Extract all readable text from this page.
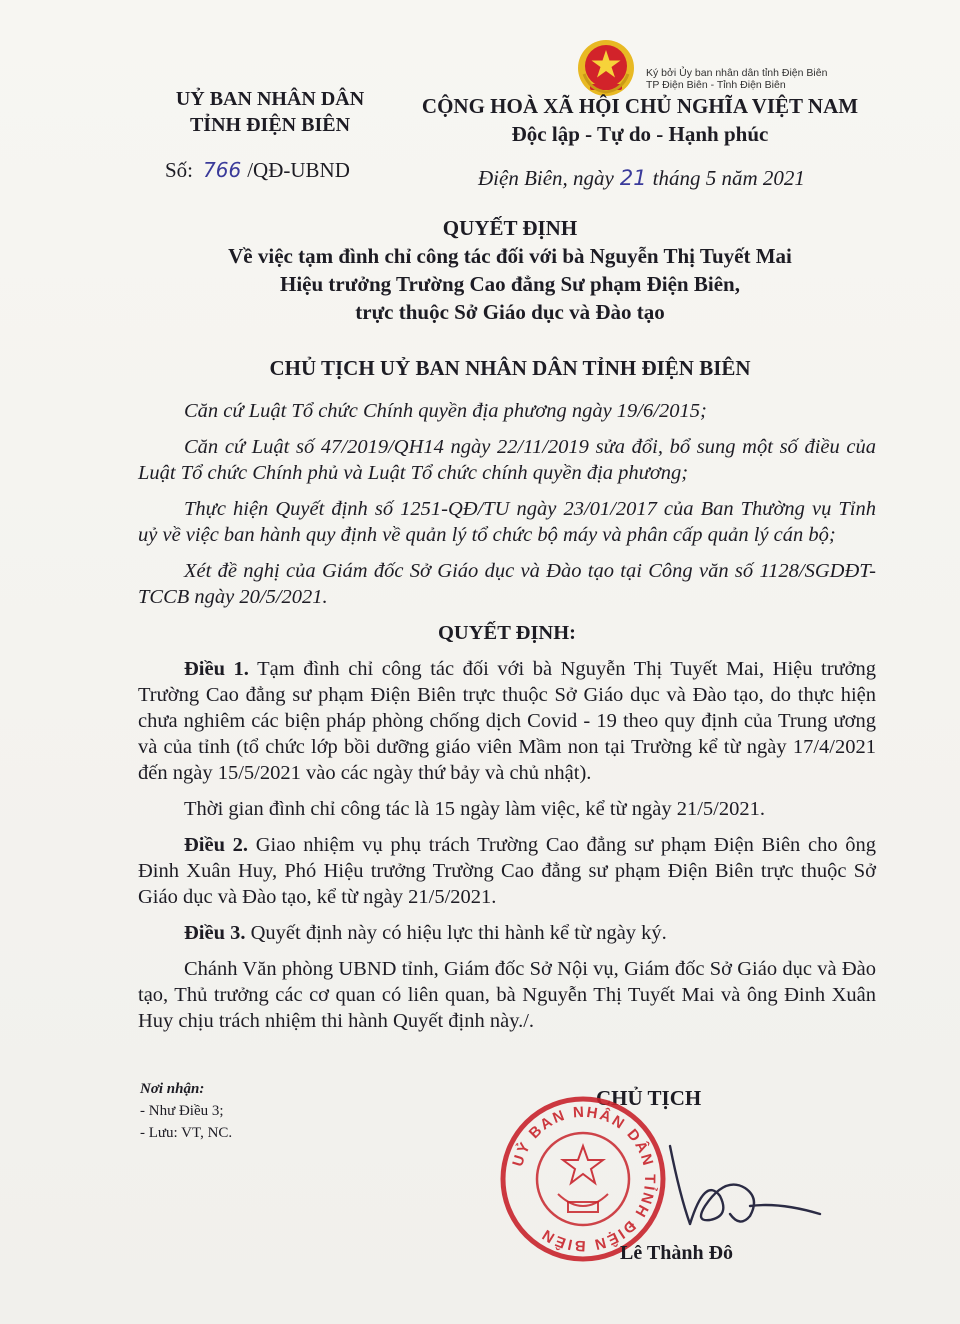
UỶ BAN NHÂN DÂN
TỈNH ĐIỆN BIÊN
Ký bởi Ủy ban nhân dân tỉnh Điện Biên
TP Điện Biên - Tỉnh Điện Biên
CỘNG HOÀ XÃ HỘI CHỦ NGHĨA VIỆT NAM
Độc lập - Tự do - Hạnh phúc
Số: 766 /QĐ-UBND	Điện Biên, ngày 21 tháng 5 năm 2021
QUYẾT ĐỊNH
Về việc tạm đình chỉ công tác đối với bà Nguyễn Thị Tuyết Mai
Hiệu trưởng Trường Cao đẳng Sư phạm Điện Biên,
trực thuộc Sở Giáo dục và Đào tạo
CHỦ TỊCH UỶ BAN NHÂN DÂN TỈNH ĐIỆN BIÊN

Căn cứ Luật Tổ chức Chính quyền địa phương ngày 19/6/2015;

Căn cứ Luật số 47/2019/QH14 ngày 22/11/2019 sửa đổi, bổ sung một số điều của Luật Tổ chức Chính phủ và Luật Tổ chức chính quyền địa phương;

Thực hiện Quyết định số 1251-QĐ/TU ngày 23/01/2017 của Ban Thường vụ Tỉnh uỷ về việc ban hành quy định về quản lý tổ chức bộ máy và phân cấp quản lý cán bộ;

Xét đề nghị của Giám đốc Sở Giáo dục và Đào tạo tại Công văn số 1128/SGDĐT-TCCB ngày 20/5/2021.

QUYẾT ĐỊNH:

Điều 1. Tạm đình chỉ công tác đối với bà Nguyễn Thị Tuyết Mai, Hiệu trưởng Trường Cao đẳng sư phạm Điện Biên trực thuộc Sở Giáo dục và Đào tạo, do thực hiện chưa nghiêm các biện pháp phòng chống dịch Covid - 19 theo quy định của Trung ương và của tỉnh (tổ chức lớp bồi dưỡng giáo viên Mầm non tại Trường kể từ ngày 17/4/2021 đến ngày 15/5/2021 vào các ngày thứ bảy và chủ nhật).

Thời gian đình chỉ công tác là 15 ngày làm việc, kể từ ngày 21/5/2021.

Điều 2. Giao nhiệm vụ phụ trách Trường Cao đẳng sư phạm Điện Biên cho ông Đinh Xuân Huy, Phó Hiệu trưởng Trường Cao đẳng sư phạm Điện Biên trực thuộc Sở Giáo dục và Đào tạo, kể từ ngày 21/5/2021.

Điều 3. Quyết định này có hiệu lực thi hành kể từ ngày ký.

Chánh Văn phòng UBND tỉnh, Giám đốc Sở Nội vụ, Giám đốc Sở Giáo dục và Đào tạo, Thủ trưởng các cơ quan có liên quan, bà Nguyễn Thị Tuyết Mai và ông Đinh Xuân Huy chịu trách nhiệm thi hành Quyết định này./.

Nơi nhận:
- Như Điều 3;
- Lưu: VT, NC.
CHỦ TỊCH
UỶ BAN NHÂN DÂN TỈNH ĐIỆN BIÊN
Lê Thành Đô
